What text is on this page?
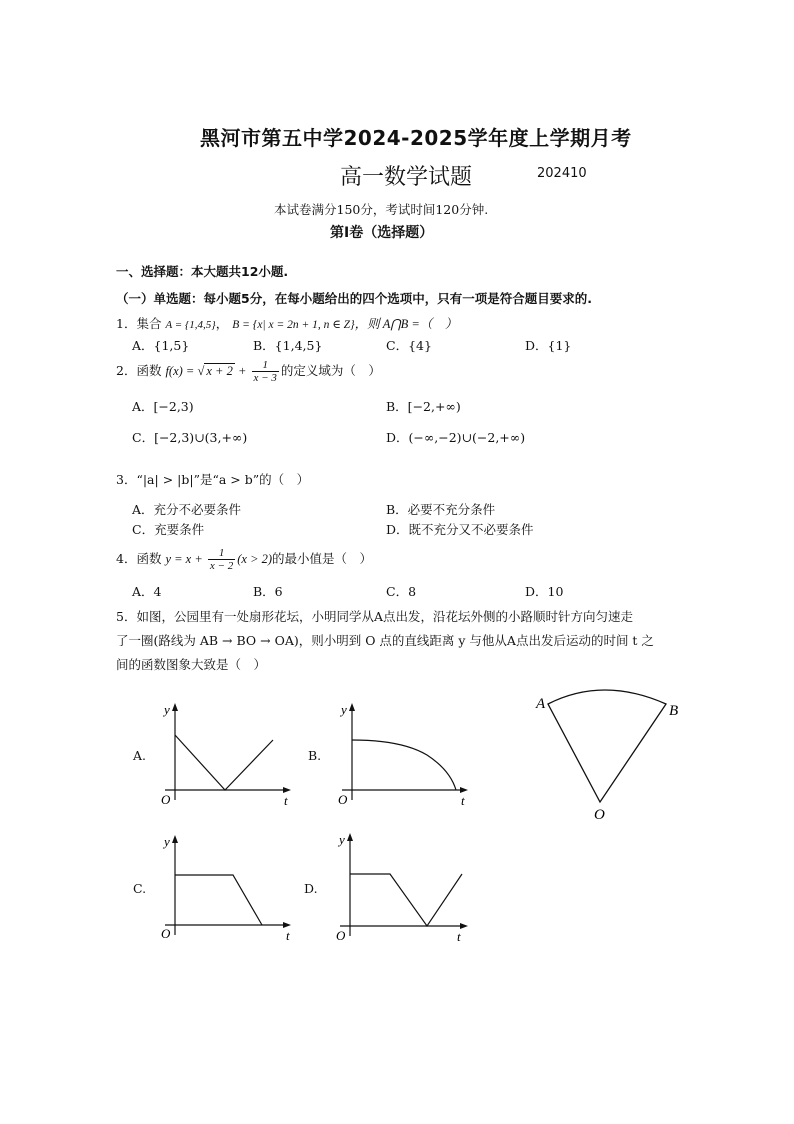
黑河市第五中学2024-2025学年度上学期月考
高一数学试题	202410
本试卷满分150分，考试时间120分钟.
第Ⅰ卷（选择题）
一、选择题：本大题共12小题.
（一）单选题：每小题5分，在每小题给出的四个选项中，只有一项是符合题目要求的.
1．集合 A = {1,4,5}， B = {x| x = 2n + 1, n ∈ Z}，则 A⋂B =（　）
A．{1,5}	B．{1,4,5}	C．{4}	D．{1}
2．函数 f(x) = √ $x + 2 + \frac{1}{x - 3}$ 的定义域为（　）
A．[−2,3)	B．[−2,+∞)
C．[−2,3)∪(3,+∞)	D．(−∞,−2)∪(−2,+∞)
3．“|a| > |b|”是“a > b”的（　）
A．充分不必要条件	B．必要不充分条件
C．充要条件	D．既不充分又不必要条件
4．函数 $y = x + \frac{1}{x - 2} (x > 2)$的最小值是（　）
A．4	B．6	C．8	D．10
5．如图，公园里有一处扇形花坛，小明同学从A点出发，沿花坛外侧的小路顺时针方向匀速走
了一圈(路线为 AB → BO → OA)，则小明到 O 点的直线距离 y 与他从A点出发后运动的时间 t 之
间的函数图象大致是（　）
A.
y
t
O
B.
y
t
O
A	B
O
C.
y
t
O
D.
y
t
O
